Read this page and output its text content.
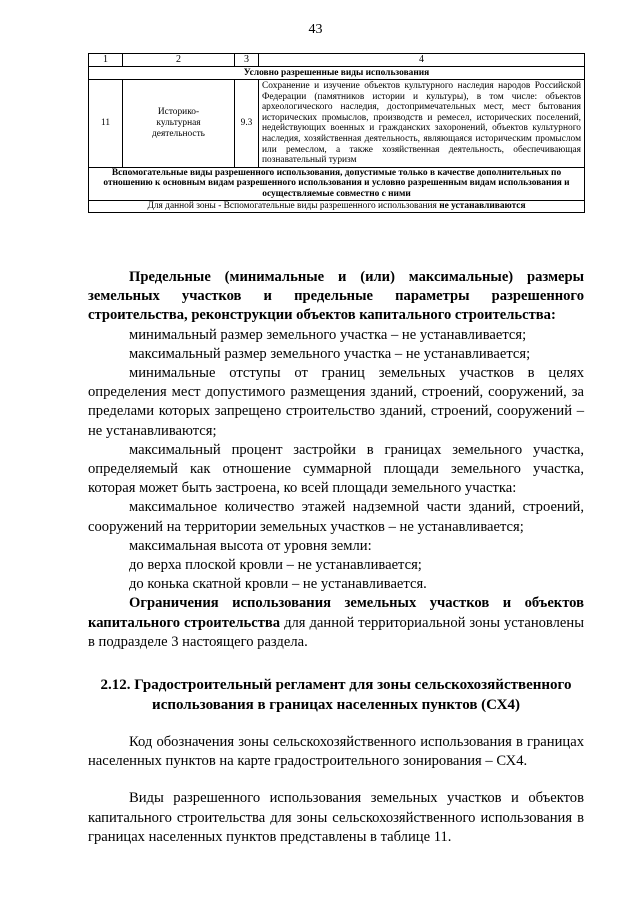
43
1	2	3	4
Условно разрешенные виды использования			
11	Историко-культурная деятельность	9.3	Сохранение и изучение объектов культурного наследия народов Российской Федерации (памятников истории и культуры), в том числе: объектов археологического наследия, достопримечательных мест, мест бытования исторических промыслов, производств и ремесел, исторических поселений, недействующих военных и гражданских захоронений, объектов культурного наследия, хозяйственная деятельность, являющаяся историческим промыслом или ремеслом, а также хозяйственная деятельность, обеспечивающая познавательный туризм
Вспомогательные виды разрешенного использования, допустимые только в качестве дополнительных по отношению к основным видам разрешенного использования и условно разрешенным видам использования и осуществляемые совместно с ними			
Для данной зоны - Вспомогательные виды разрешенного использования не устанавливаются			

Предельные (минимальные и (или) максимальные) размеры земельных участков и предельные параметры разрешенного строительства, реконструкции объектов капитального строительства:

минимальный размер земельного участка – не устанавливается;

максимальный размер земельного участка – не устанавливается;

минимальные отступы от границ земельных участков в целях определения мест допустимого размещения зданий, строений, сооружений, за пределами которых запрещено строительство зданий, строений, сооружений – не устанавливаются;

максимальный процент застройки в границах земельного участка, определяемый как отношение суммарной площади земельного участка, которая может быть застроена, ко всей площади земельного участка:

максимальное количество этажей надземной части зданий, строений, сооружений на территории земельных участков – не устанавливается;

максимальная высота от уровня земли:

до верха плоской кровли – не устанавливается;

до конька скатной кровли – не устанавливается.

Ограничения использования земельных участков и объектов капитального строительства для данной территориальной зоны установлены в подразделе 3 настоящего раздела.

2.12. Градостроительный регламент для зоны сельскохозяйственного использования в границах населенных пунктов (СХ4)

Код обозначения зоны сельскохозяйственного использования в границах населенных пунктов на карте градостроительного зонирования – СХ4.

Виды разрешенного использования земельных участков и объектов капитального строительства для зоны сельскохозяйственного использования в границах населенных пунктов представлены в таблице 11.
